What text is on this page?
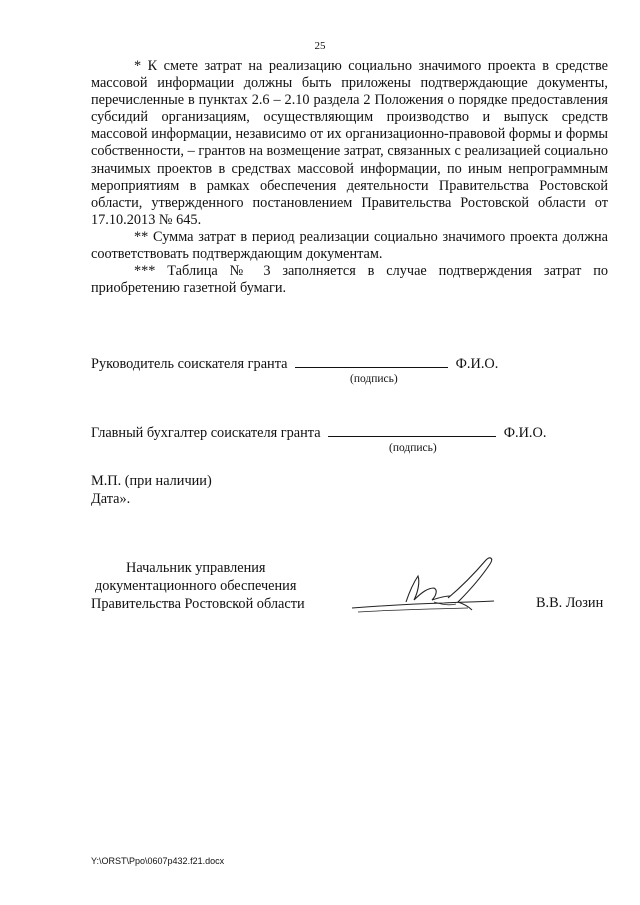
25

* К смете затрат на реализацию социально значимого проекта в средстве массовой информации должны быть приложены подтверждающие документы, перечисленные в пунктах 2.6 – 2.10 раздела 2 Положения о порядке предоставления субсидий организациям, осуществляющим производство и выпуск средств массовой информации, независимо от их организационно-правовой формы и формы собственности, – грантов на возмещение затрат, связанных с реализацией социально значимых проектов в средствах массовой информации, по иным непрограммным мероприятиям в рамках обеспечения деятельности Правительства Ростовской области, утвержденного постановлением Правительства Ростовской области от 17.10.2013 № 645.

** Сумма затрат в период реализации социально значимого проекта должна соответствовать подтверждающим документам.

*** Таблица № 3 заполняется в случае подтверждения затрат по приобретению газетной бумаги.

Руководитель соискателя гранта	Ф.И.О.
(подпись)
Главный бухгалтер соискателя гранта	Ф.И.О.
(подпись)
М.П. (при наличии)
Дата».
Начальник управления
документационного обеспечения
Правительства Ростовской области	В.В. Лозин
Y:\ORST\Ppo\0607p432.f21.docx
